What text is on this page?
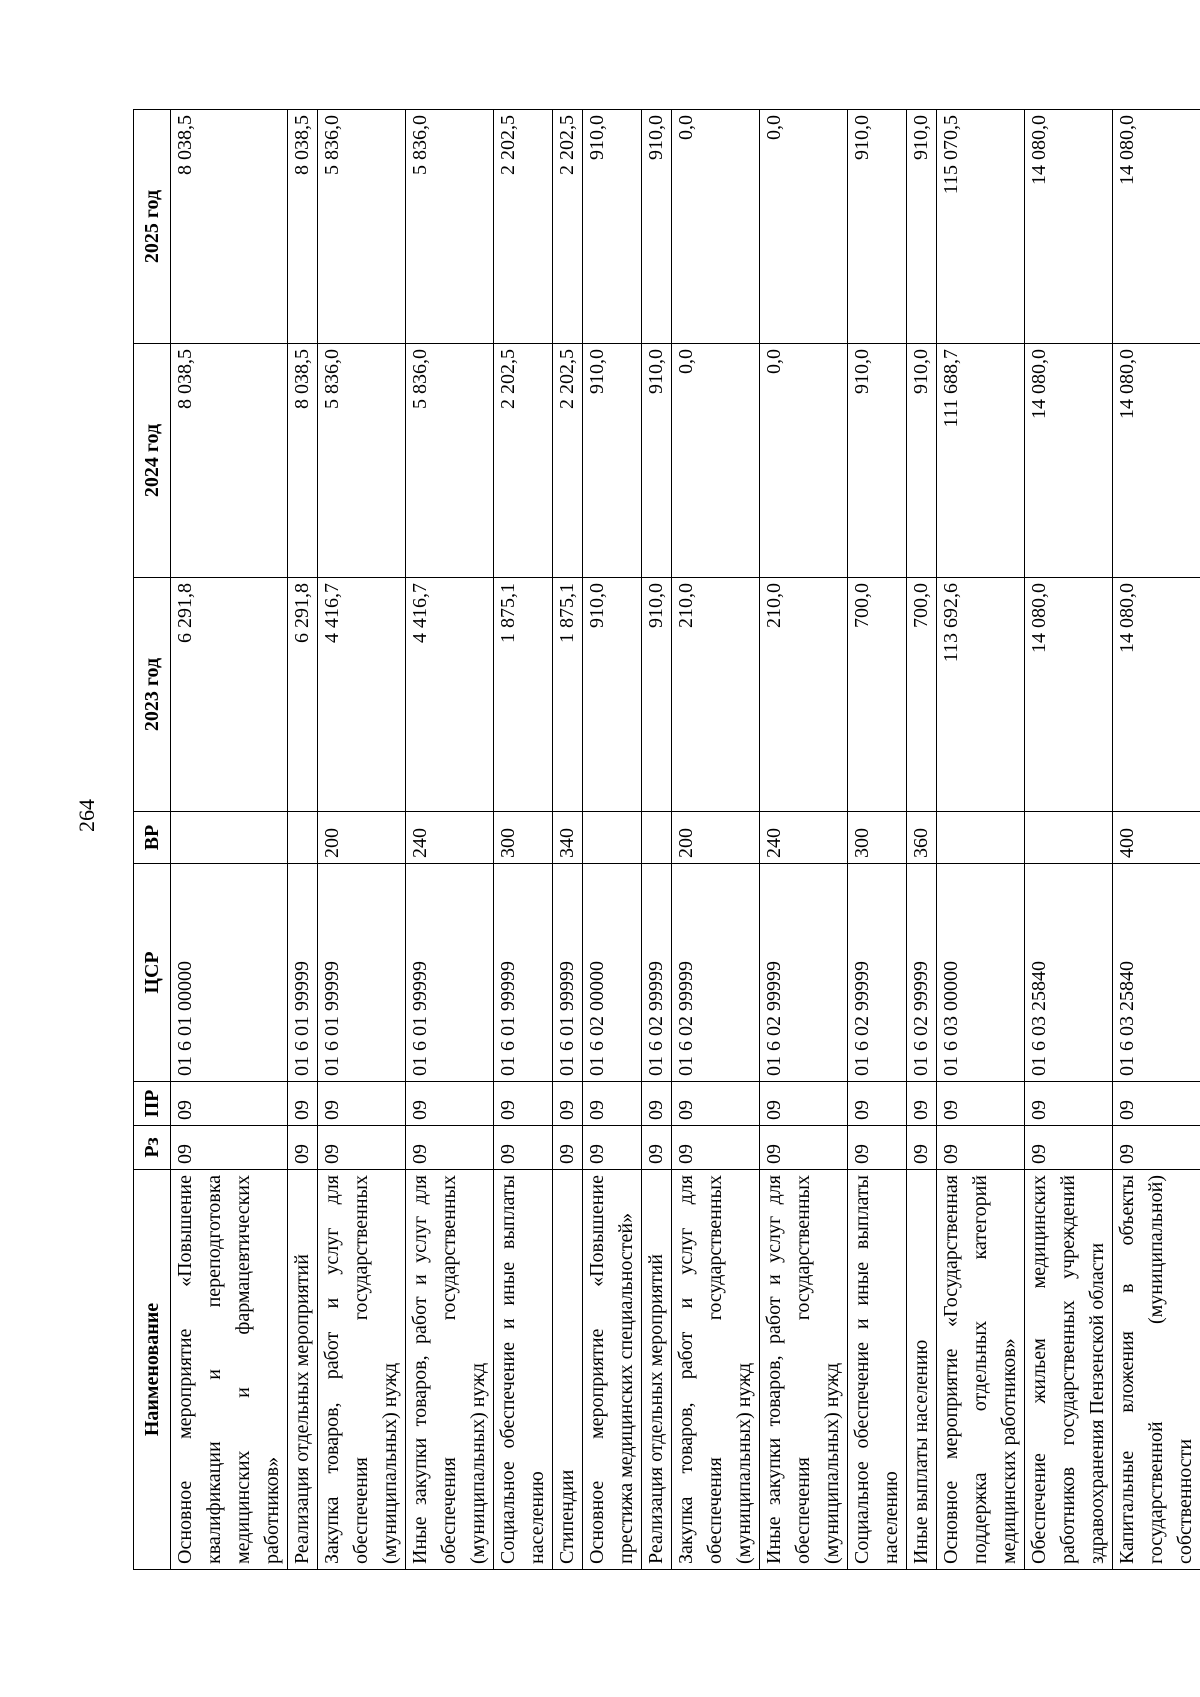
264
Наименование	Рз	ПР	ЦСР	ВР	2023 год	2024 год	2025 год
Основное мероприятие «Повышение квалификации и переподготовка медицинских и фармацевтических работников»	09	09	01 6 01 00000		6 291,8	8 038,5	8 038,5
Реализация отдельных мероприятий	09	09	01 6 01 99999		6 291,8	8 038,5	8 038,5
Закупка товаров, работ и услуг для обеспечения государственных (муниципальных) нужд	09	09	01 6 01 99999	200	4 416,7	5 836,0	5 836,0
Иные закупки товаров, работ и услуг для обеспечения государственных (муниципальных) нужд	09	09	01 6 01 99999	240	4 416,7	5 836,0	5 836,0
Социальное обеспечение и иные выплаты населению	09	09	01 6 01 99999	300	1 875,1	2 202,5	2 202,5
Стипендии	09	09	01 6 01 99999	340	1 875,1	2 202,5	2 202,5
Основное мероприятие «Повышение престижа медицинских специальностей»	09	09	01 6 02 00000		910,0	910,0	910,0
Реализация отдельных мероприятий	09	09	01 6 02 99999		910,0	910,0	910,0
Закупка товаров, работ и услуг для обеспечения государственных (муниципальных) нужд	09	09	01 6 02 99999	200	210,0	0,0	0,0
Иные закупки товаров, работ и услуг для обеспечения государственных (муниципальных) нужд	09	09	01 6 02 99999	240	210,0	0,0	0,0
Социальное обеспечение и иные выплаты населению	09	09	01 6 02 99999	300	700,0	910,0	910,0
Иные выплаты населению	09	09	01 6 02 99999	360	700,0	910,0	910,0
Основное мероприятие «Государственная поддержка отдельных категорий медицинских работников»	09	09	01 6 03 00000		113 692,6	111 688,7	115 070,5
Обеспечение жильем медицинских работников государственных учреждений здравоохранения Пензенской области	09	09	01 6 03 25840		14 080,0	14 080,0	14 080,0
Капитальные вложения в объекты государственной (муниципальной) собственности	09	09	01 6 03 25840	400	14 080,0	14 080,0	14 080,0
